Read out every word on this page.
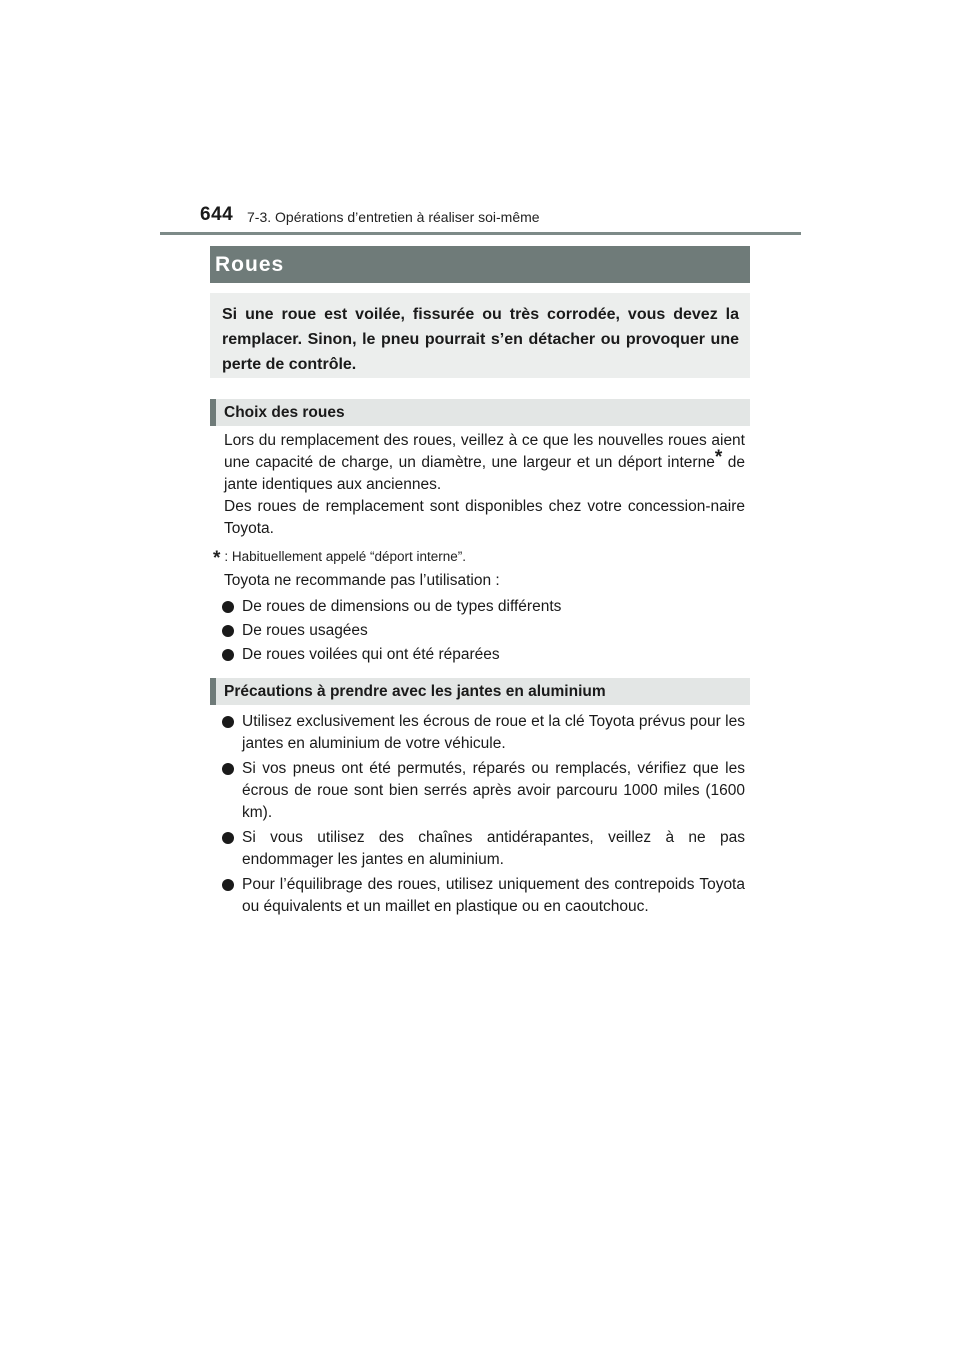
644 7-3. Opérations d’entretien à réaliser soi-même
Roues
Si une roue est voilée, fissurée ou très corrodée, vous devez la remplacer. Sinon, le pneu pourrait s’en détacher ou provoquer une perte de contrôle.
Choix des roues

Lors du remplacement des roues, veillez à ce que les nouvelles roues aient une capacité de charge, un diamètre, une largeur et un déport interne* de jante identiques aux anciennes.

Des roues de remplacement sont disponibles chez votre concession-naire Toyota.

* : Habituellement appelé “déport interne”.
Toyota ne recommande pas l’utilisation :
De roues de dimensions ou de types différents
De roues usagées
De roues voilées qui ont été réparées
Précautions à prendre avec les jantes en aluminium
Utilisez exclusivement les écrous de roue et la clé Toyota prévus pour les jantes en aluminium de votre véhicule.
Si vos pneus ont été permutés, réparés ou remplacés, vérifiez que les écrous de roue sont bien serrés après avoir parcouru 1000 miles (1600 km).
Si vous utilisez des chaînes antidérapantes, veillez à ne pas endommager les jantes en aluminium.
Pour l’équilibrage des roues, utilisez uniquement des contrepoids Toyota ou équivalents et un maillet en plastique ou en caoutchouc.
